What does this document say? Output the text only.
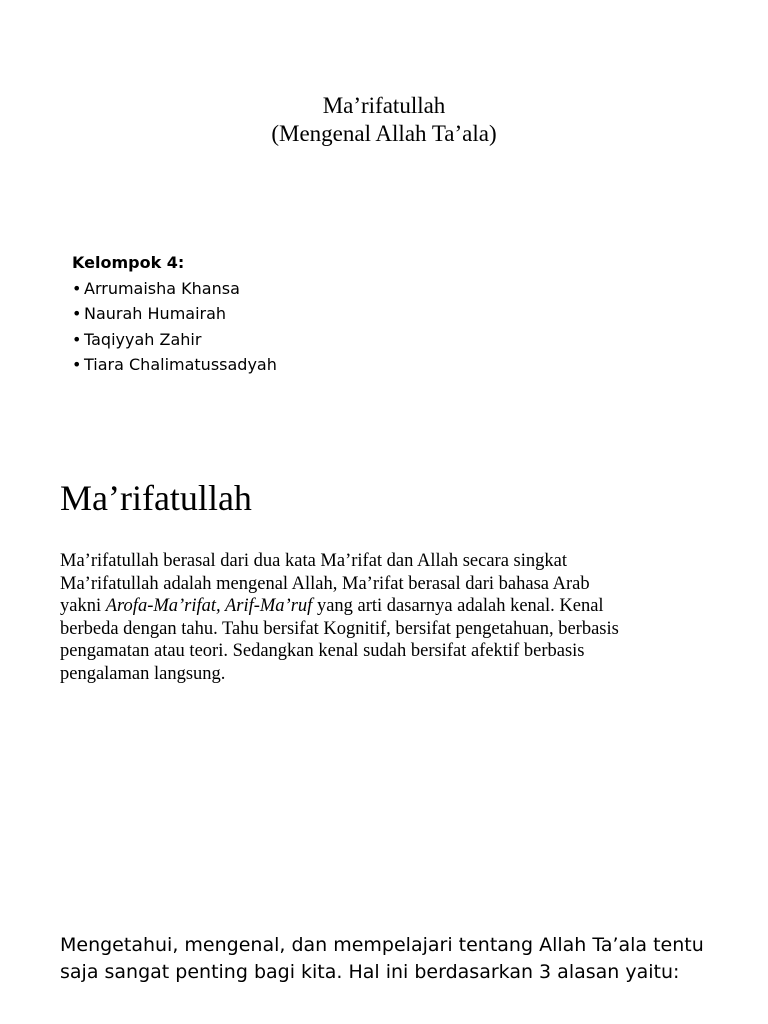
Ma’rifatullah
(Mengenal Allah Ta’ala)
Kelompok 4:
• Arrumaisha Khansa
• Naurah Humairah
• Taqiyyah Zahir
• Tiara Chalimatussadyah
Ma’rifatullah

Ma’rifatullah berasal dari dua kata Ma’rifat dan Allah secara singkat
Ma’rifatullah adalah mengenal Allah, Ma’rifat berasal dari bahasa Arab
yakni Arofa-Ma’rifat, Arif-Ma’ruf yang arti dasarnya adalah kenal. Kenal
berbeda dengan tahu. Tahu bersifat Kognitif, bersifat pengetahuan, berbasis
pengamatan atau teori. Sedangkan kenal sudah bersifat afektif berbasis
pengalaman langsung.

Mengetahui, mengenal, dan mempelajari tentang Allah Ta’ala tentu
saja sangat penting bagi kita. Hal ini berdasarkan 3 alasan yaitu:
